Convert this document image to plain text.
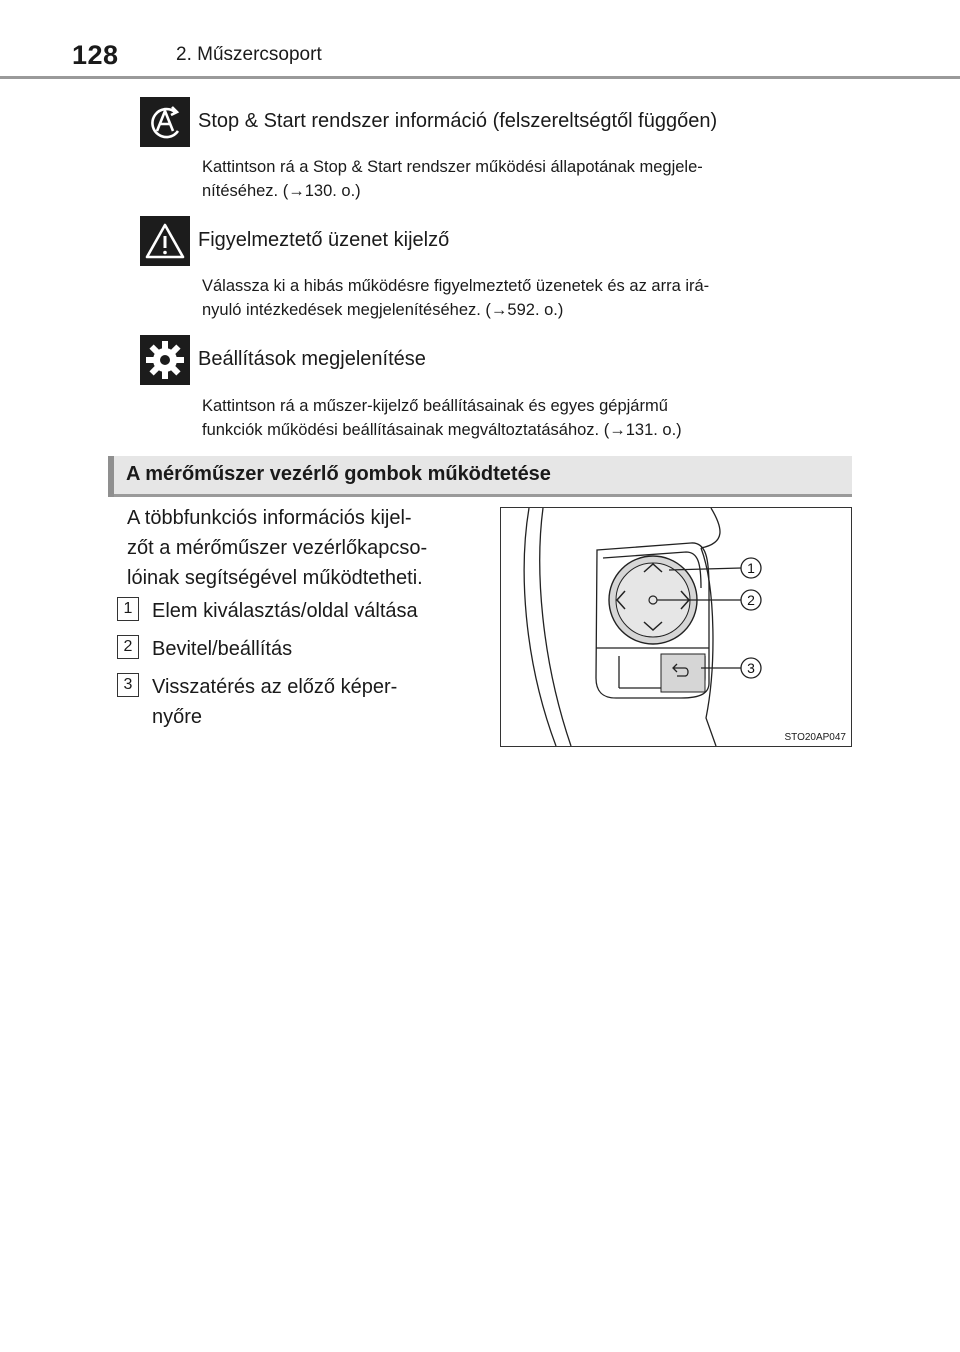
128	2. Műszercsoport
Stop & Start rendszer információ (felszereltségtől függően)
Kattintson rá a Stop & Start rendszer működési állapotának megjele-
nítéséhez. (→130. o.)
Figyelmeztető üzenet kijelző
Válassza ki a hibás működésre figyelmeztető üzenetek és az arra irá-
nyuló intézkedések megjelenítéséhez. (→592. o.)
Beállítások megjelenítése
Kattintson rá a műszer-kijelző beállításainak és egyes gépjármű
funkciók működési beállításainak megváltoztatásához. (→131. o.)
A mérőműszer vezérlő gombok működtetése
A többfunkciós információs kijel-
zőt a mérőműszer vezérlőkapcso-
lóinak segítségével működtetheti.
1 Elem kiválasztás/oldal váltása
2 Bevitel/beállítás
3 Visszatérés az előző képer-
nyőre
1
2
3
STO20AP047
